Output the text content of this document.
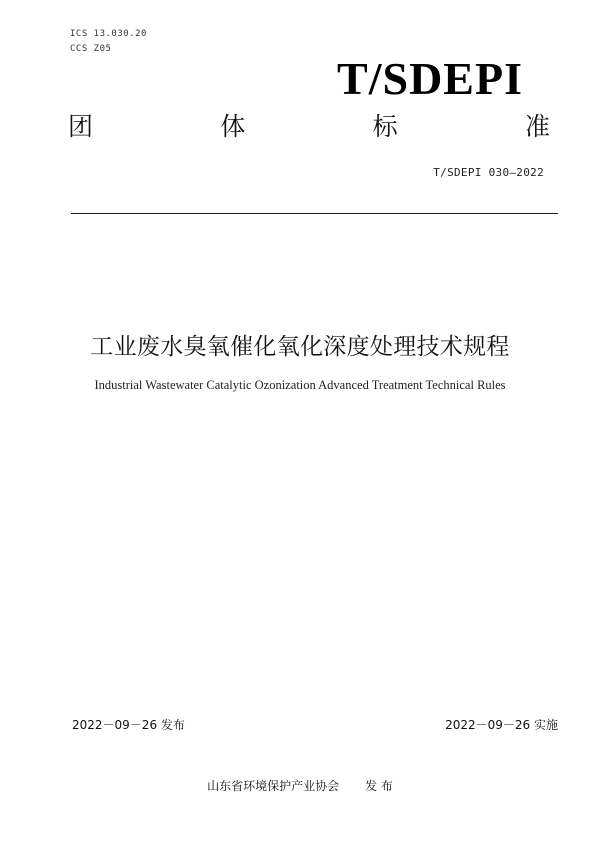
ICS 13.030.20
CCS Z05
T/SDEPI
团	体	标	准
T/SDEPI 030—2022
工业废水臭氧催化氧化深度处理技术规程
Industrial Wastewater Catalytic Ozonization Advanced Treatment Technical Rules
2022－09－26 发布	2022－09－26 实施
山东省环境保护产业协会 发 布
